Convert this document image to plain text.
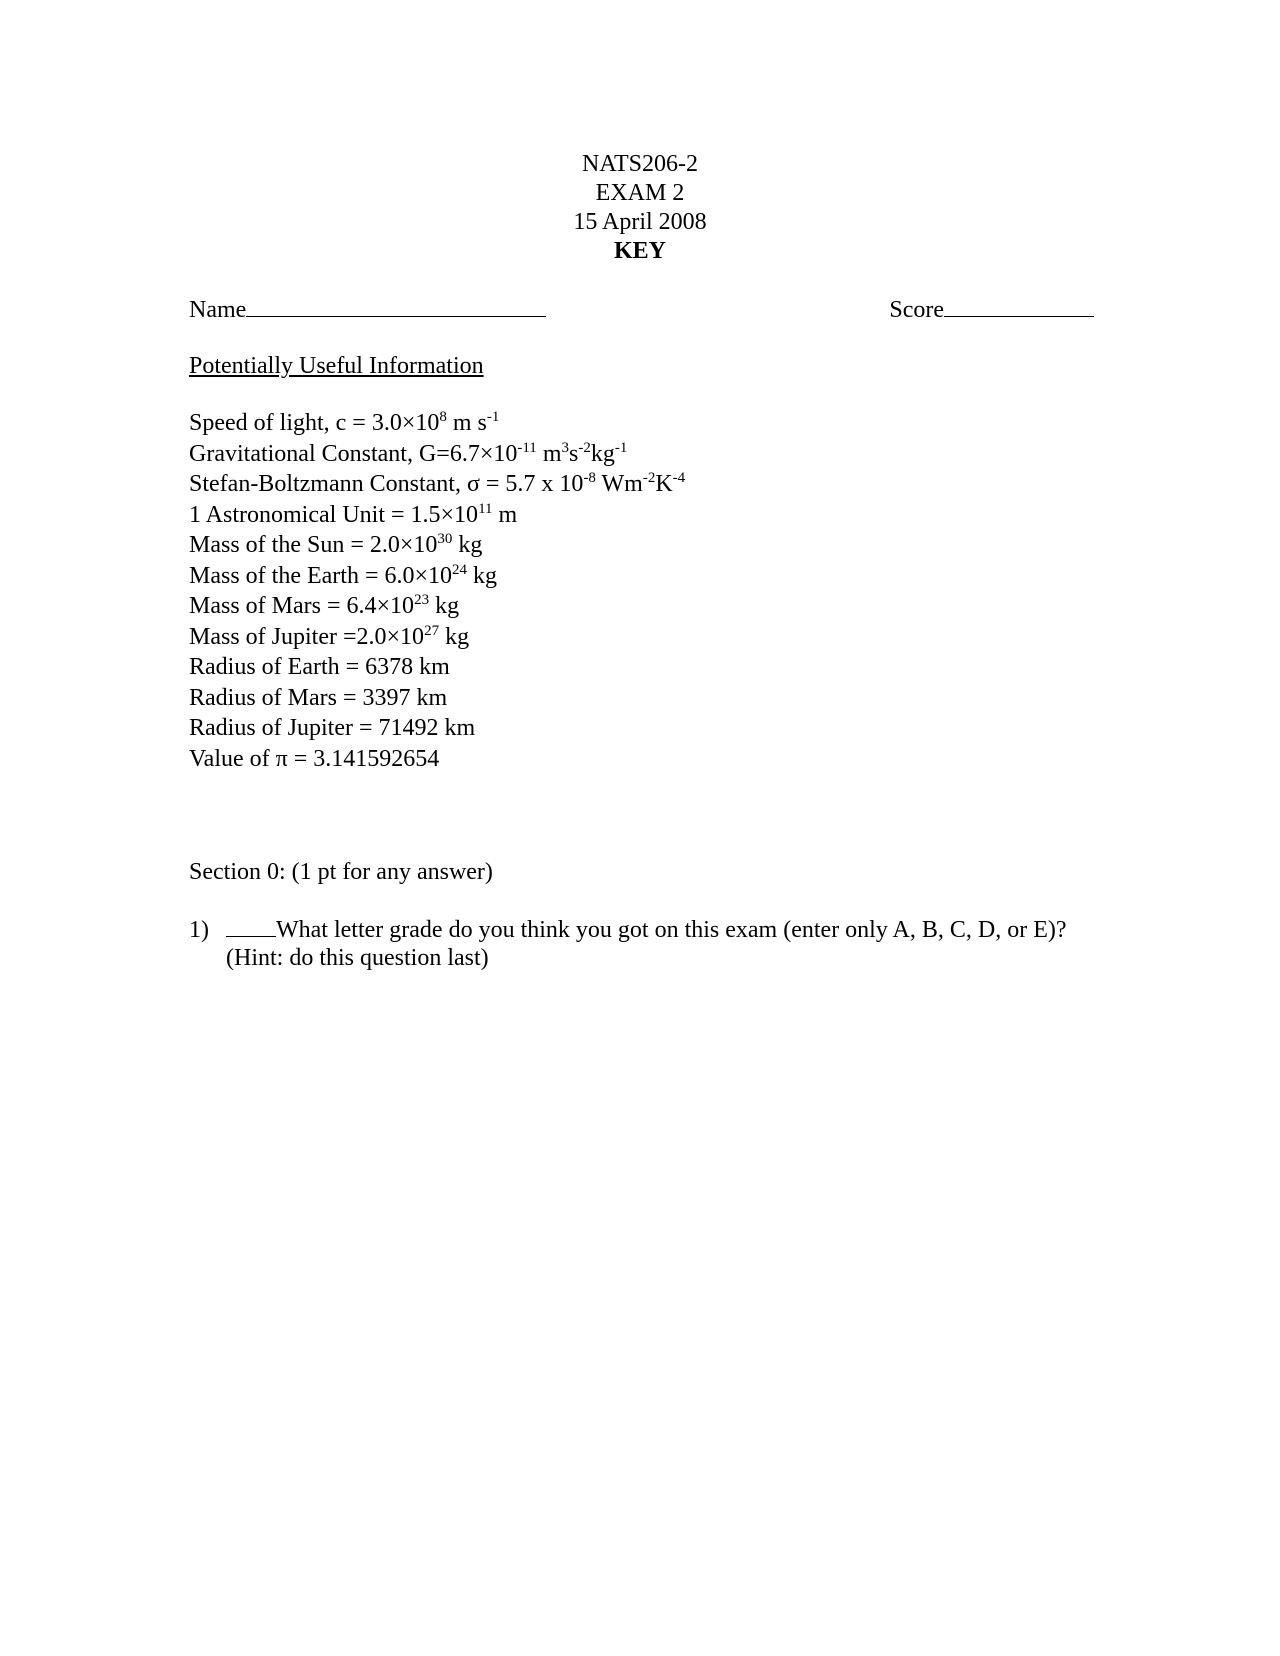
NATS206-2
EXAM 2
15 April 2008
KEY
Name	Score
Potentially Useful Information
Speed of light, $c = 3.0\times 10^8$ m $s^{-1}$
Gravitational Constant, $G=6.7\times 10^{-11}$ $m^3s^{-2}kg^{-1}$
Stefan-Boltzmann Constant, σ = 5.7 x $10^{-8}$ $Wm^{-2}K^{-4}$
1 Astronomical Unit = $1.5\times 10^{11}$ m
Mass of the Sun = $2.0\times 10^{30}$ kg
Mass of the Earth = $6.0\times 10^{24}$ kg
Mass of Mars = $6.4\times 10^{23}$ kg
Mass of Jupiter $=2.0\times 10^{27}$ kg
Radius of Earth = 6378 km
Radius of Mars = 3397 km
Radius of Jupiter = 71492 km
Value of π = 3.141592654
Section 0: (1 pt for any answer)
1)	What letter grade do you think you got on this exam (enter only A, B, C, D, or E)? (Hint: do this question last)
